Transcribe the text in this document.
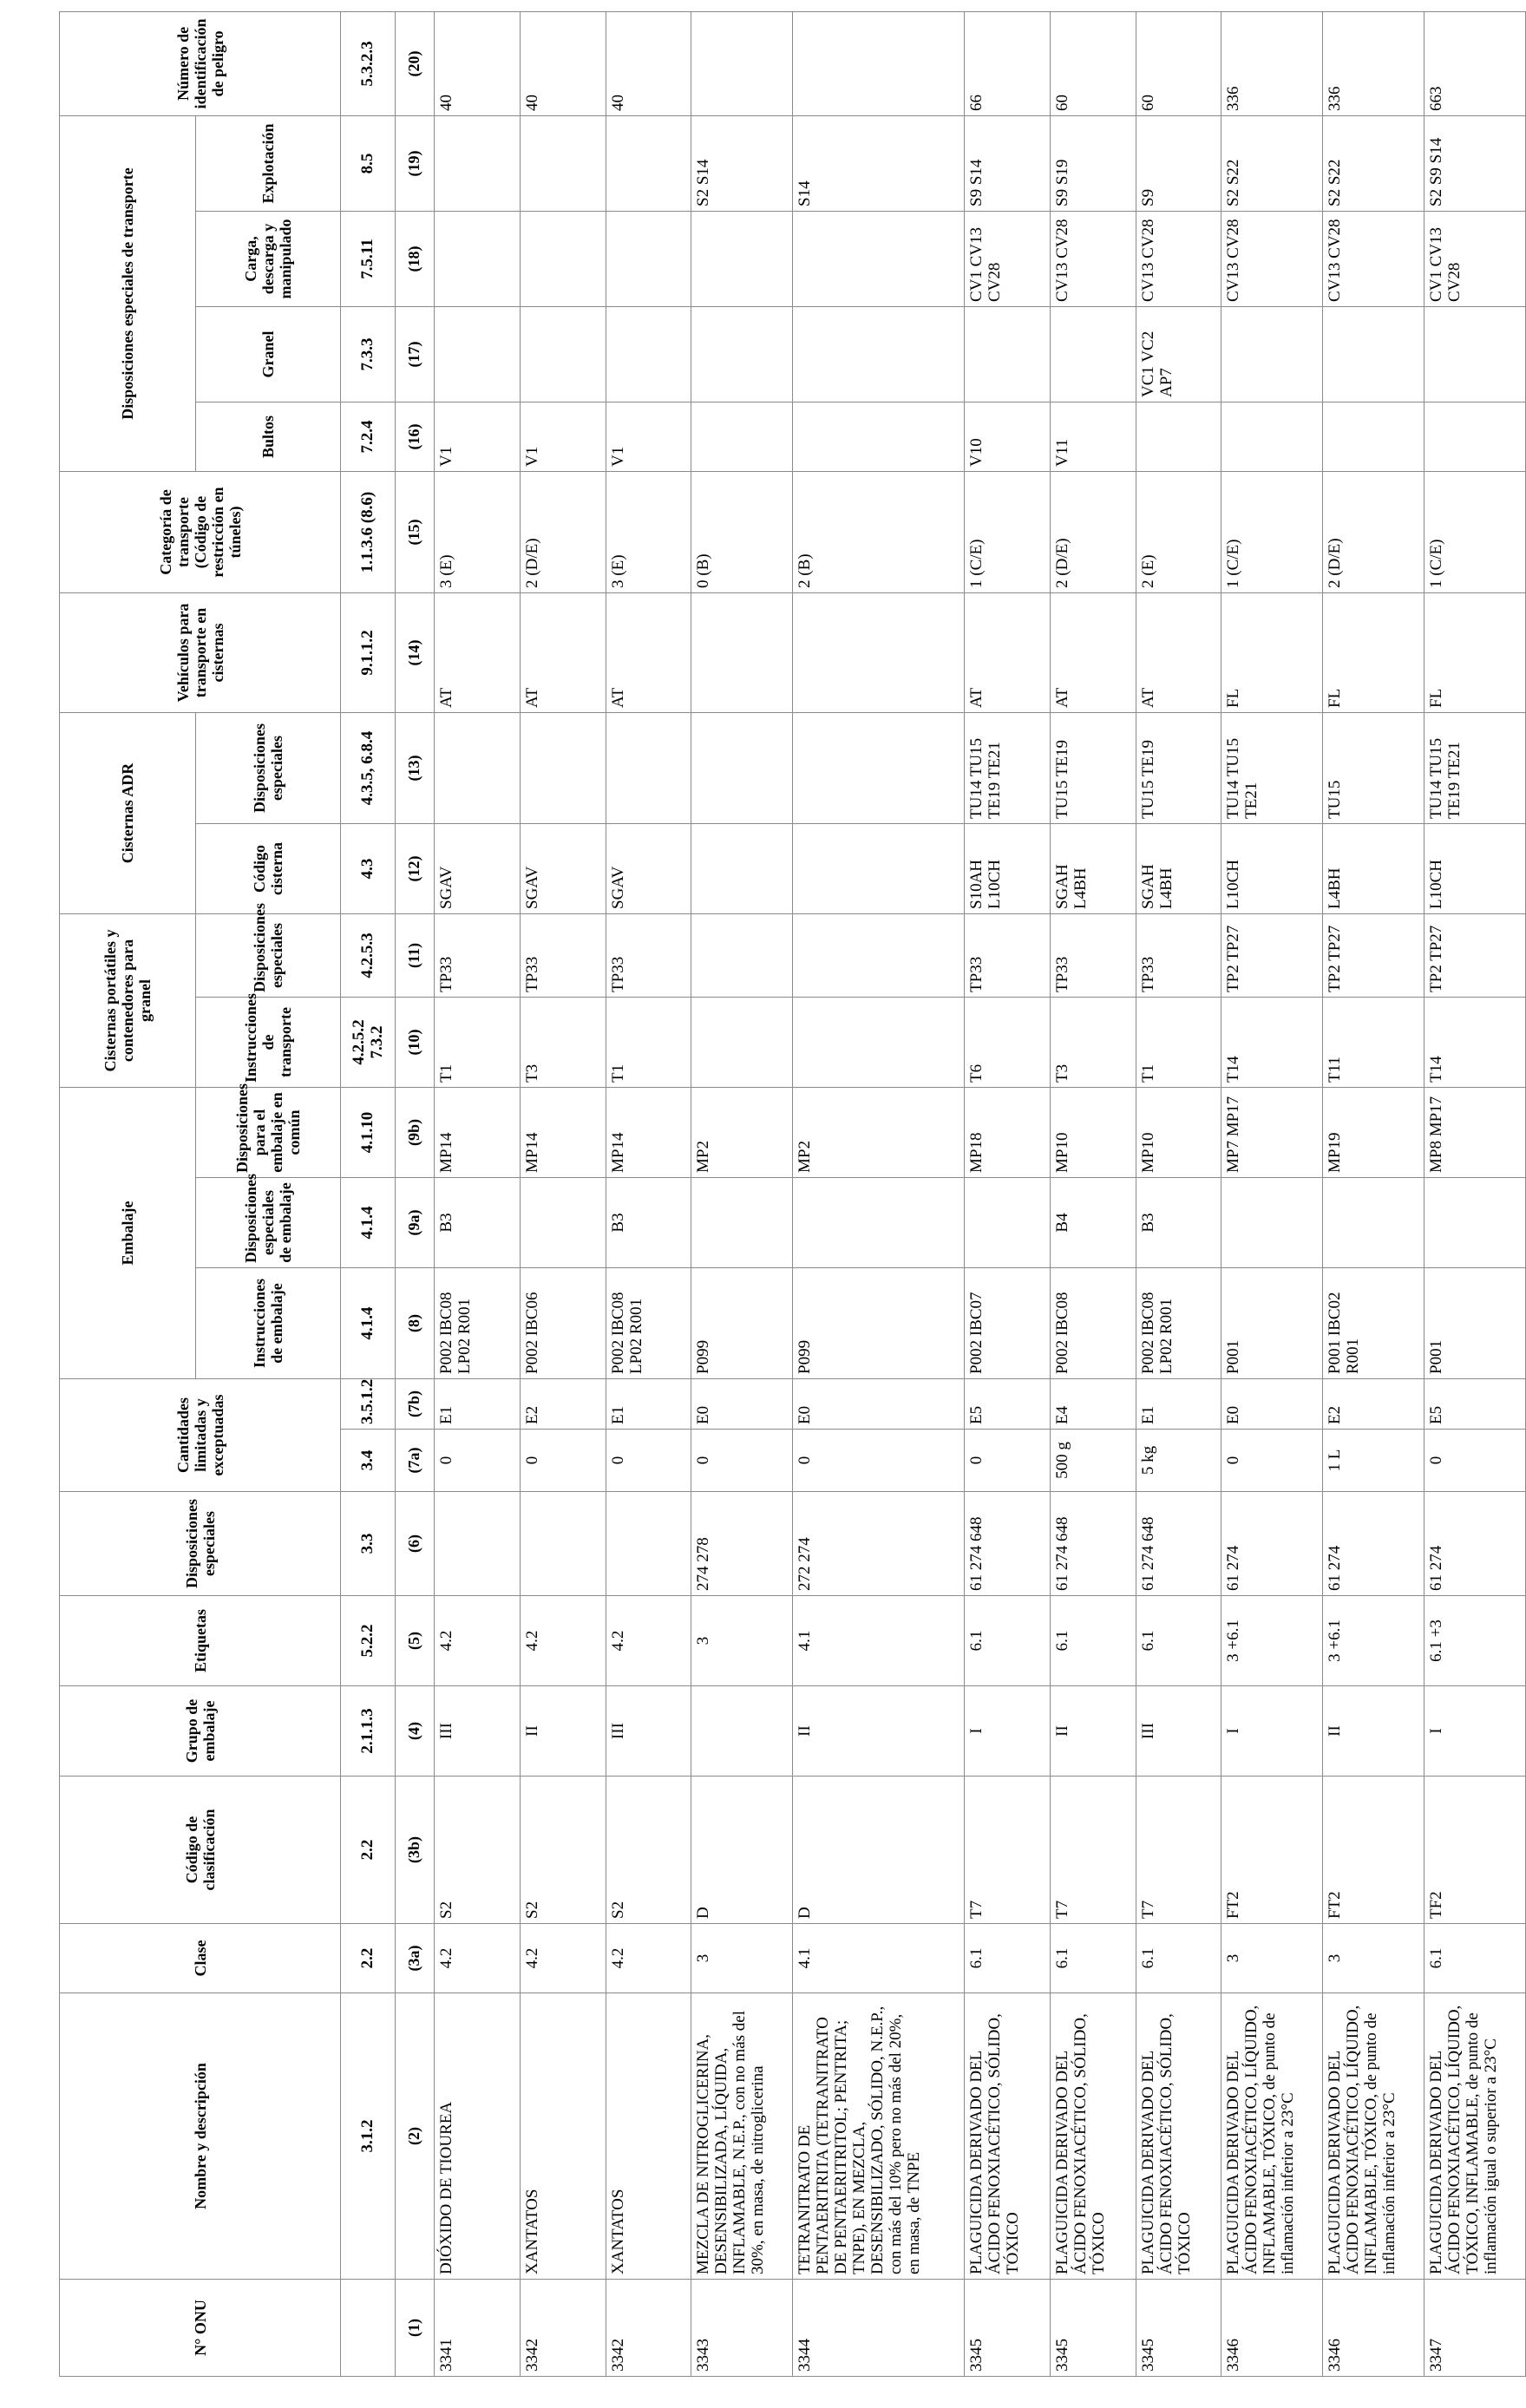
N° ONU	Nombre y descripción	Clase	Código de clasificación	Grupo de embalaje	Etiquetas	Disposiciones especiales	Cantidades limitadas y exceptuadas		Embalaje			Cisternas portátiles y contenedores para granel		Cisternas ADR		Vehículos para transporte en cisternas	Categoría de transporte (Código de restricción en túneles)	Disposiciones especiales de transporte				Número de identificación de peligro
									Instrucciones de embalaje	Disposiciones especiales de embalaje	Disposiciones para el embalaje en común	Instrucciones de transporte	Disposiciones especiales	Código cisterna	Disposiciones especiales			Bultos	Granel	Carga, descarga y manipulado	Explotación	

	3.1.2	2.2	2.2	2.1.1.3	5.2.2	3.3	3.4	3.5.1.2	4.1.4	4.1.4	4.1.10	4.2.5.2 7.3.2	4.2.5.3	4.3	4.3.5, 6.8.4	9.1.1.2	1.1.3.6 (8.6)	7.2.4	7.3.3	7.5.11	8.5	5.3.2.3
(1)	(2)	(3a)	(3b)	(4)	(5)	(6)	(7a)	(7b)	(8)	(9a)	(9b)	(10)	(11)	(12)	(13)	(14)	(15)	(16)	(17)	(18)	(19)	(20)
3341	DIÓXIDO DE TIOUREA	4.2	S2	III	4.2		0	E1	P002 IBC08 LP02 R001	B3	MP14	T1	TP33	SGAV		AT	3 (E)	V1				40
3342	XANTATOS	4.2	S2	II	4.2		0	E2	P002 IBC06		MP14	T3	TP33	SGAV		AT	2 (D/E)	V1				40
3342	XANTATOS	4.2	S2	III	4.2		0	E1	P002 IBC08 LP02 R001	B3	MP14	T1	TP33	SGAV		AT	3 (E)	V1				40
3343	MEZCLA DE NITROGLICERINA, DESENSIBILIZADA, LÍQUIDA, INFLAMABLE, N.E.P., con no más del 30%, en masa, de nitroglicerina	3	D		3	274 278	0	E0	P099		MP2						0 (B)				S2 S14	
3344	TETRANITRATO DE PENTAERITRITA (TETRANITRATO DE PENTAERITRITOL; PENTRITA; TNPE), EN MEZCLA, DESENSIBILIZADO, SÓLIDO, N.E.P., con más del 10% pero no más del 20%, en masa, de TNPE	4.1	D	II	4.1	272 274	0	E0	P099		MP2						2 (B)				S14	
3345	PLAGUICIDA DERIVADO DEL ÁCIDO FENOXIACÉTICO, SÓLIDO, TÓXICO	6.1	T7	I	6.1	61 274 648	0	E5	P002 IBC07		MP18	T6	TP33	S10AH L10CH	TU14 TU15 TE19 TE21	AT	1 (C/E)	V10		CV1 CV13 CV28	S9 S14	66
3345	PLAGUICIDA DERIVADO DEL ÁCIDO FENOXIACÉTICO, SÓLIDO, TÓXICO	6.1	T7	II	6.1	61 274 648	500 g	E4	P002 IBC08	B4	MP10	T3	TP33	SGAH L4BH	TU15 TE19	AT	2 (D/E)	V11		CV13 CV28	S9 S19	60
3345	PLAGUICIDA DERIVADO DEL ÁCIDO FENOXIACÉTICO, SÓLIDO, TÓXICO	6.1	T7	III	6.1	61 274 648	5 kg	E1	P002 IBC08 LP02 R001	B3	MP10	T1	TP33	SGAH L4BH	TU15 TE19	AT	2 (E)		VC1 VC2 AP7	CV13 CV28	S9	60
3346	PLAGUICIDA DERIVADO DEL ÁCIDO FENOXIACÉTICO, LÍQUIDO, INFLAMABLE, TÓXICO, de punto de inflamación inferior a 23°C	3	FT2	I	3 +6.1	61 274	0	E0	P001		MP7 MP17	T14	TP2 TP27	L10CH	TU14 TU15 TE21	FL	1 (C/E)			CV13 CV28	S2 S22	336
3346	PLAGUICIDA DERIVADO DEL ÁCIDO FENOXIACÉTICO, LÍQUIDO, INFLAMABLE, TÓXICO, de punto de inflamación inferior a 23°C	3	FT2	II	3 +6.1	61 274	1 L	E2	P001 IBC02 R001		MP19	T11	TP2 TP27	L4BH	TU15	FL	2 (D/E)			CV13 CV28	S2 S22	336
3347	PLAGUICIDA DERIVADO DEL ÁCIDO FENOXIACÉTICO, LÍQUIDO, TÓXICO, INFLAMABLE, de punto de inflamación igual o superior a 23°C	6.1	TF2	I	6.1 +3	61 274	0	E5	P001		MP8 MP17	T14	TP2 TP27	L10CH	TU14 TU15 TE19 TE21	FL	1 (C/E)			CV1 CV13 CV28	S2 S9 S14	663
